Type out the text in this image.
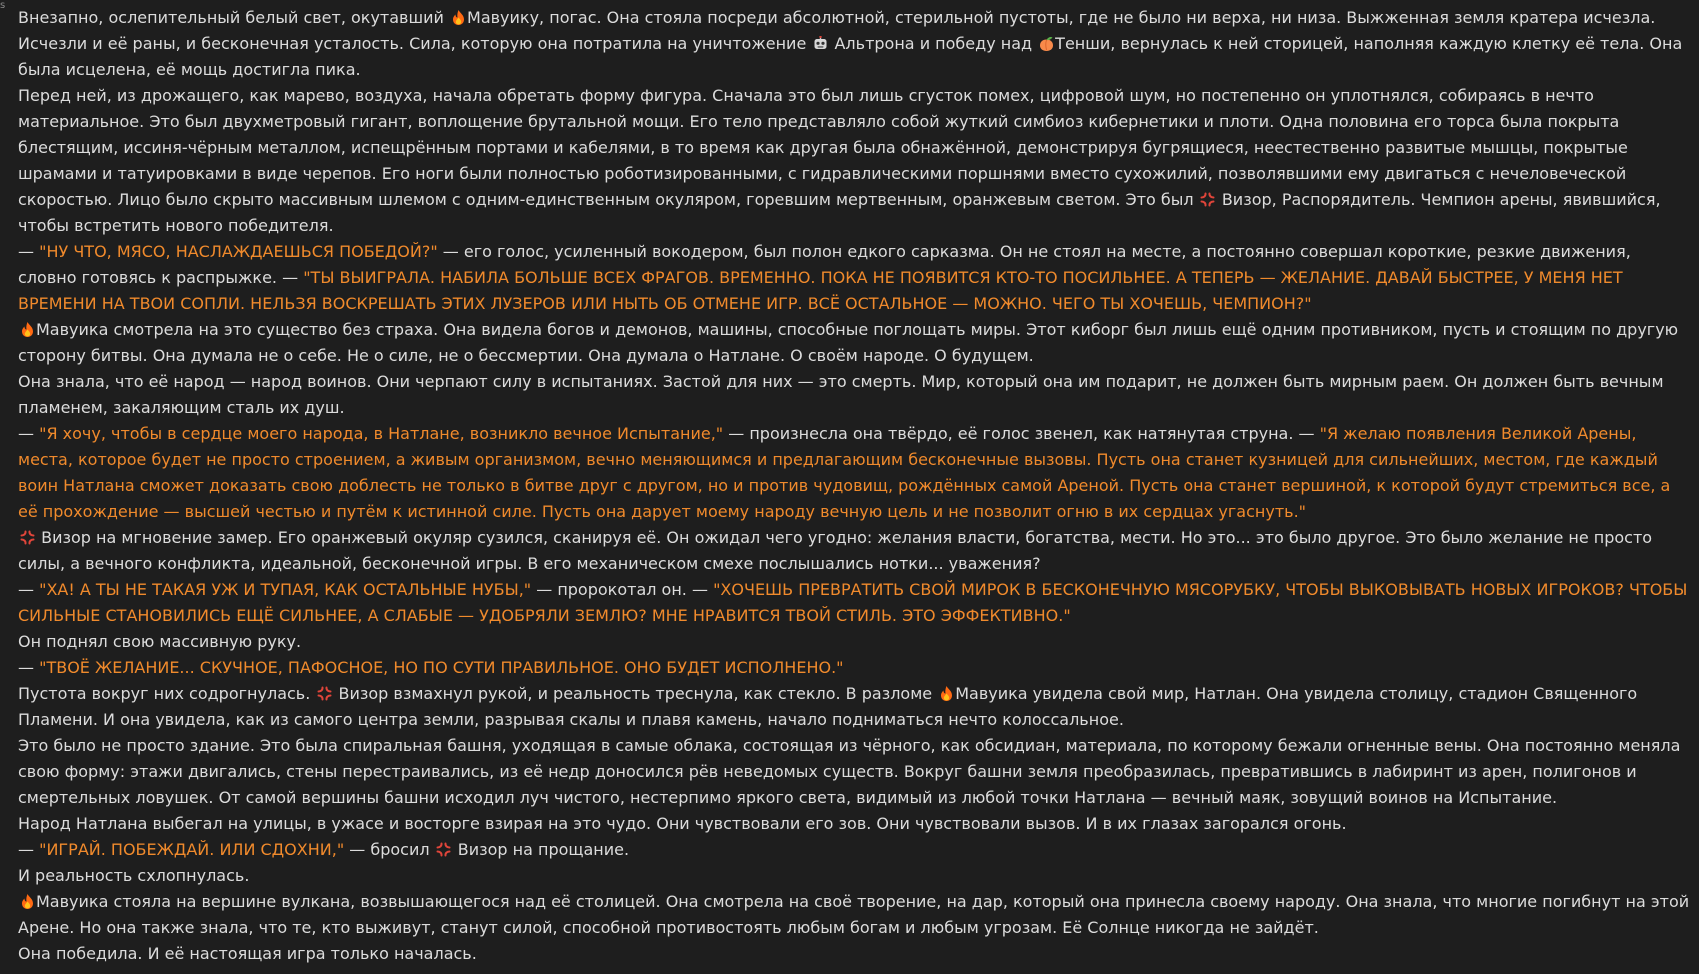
s
Внезапно, ослепительный белый свет, окутавший Мавуику, погас. Она стояла посреди абсолютной, стерильной пустоты, где не было ни верха, ни низа. Выжженная земля кратера исчезла. Исчезли и её раны, и бесконечная усталость. Сила, которую она потратила на уничтожение  Альтрона и победу над Тенши, вернулась к ней сторицей, наполняя каждую клетку её тела. Она была исцелена, её мощь достигла пика.
Перед ней, из дрожащего, как марево, воздуха, начала обретать форму фигура. Сначала это был лишь сгусток помех, цифровой шум, но постепенно он уплотнялся, собираясь в нечто материальное. Это был двухметровый гигант, воплощение брутальной мощи. Его тело представляло собой жуткий симбиоз кибернетики и плоти. Одна половина его торса была покрыта блестящим, иссиня-чёрным металлом, испещрённым портами и кабелями, в то время как другая была обнажённой, демонстрируя бугрящиеся, неестественно развитые мышцы, покрытые шрамами и татуировками в виде черепов. Его ноги были полностью роботизированными, с гидравлическими поршнями вместо сухожилий, позволявшими ему двигаться с нечеловеческой скоростью. Лицо было скрыто массивным шлемом с одним-единственным окуляром, горевшим мертвенным, оранжевым светом. Это был  Визор, Распорядитель. Чемпион арены, явившийся, чтобы встретить нового победителя.
— "НУ ЧТО, МЯСО, НАСЛАЖДАЕШЬСЯ ПОБЕДОЙ?" — его голос, усиленный вокодером, был полон едкого сарказма. Он не стоял на месте, а постоянно совершал короткие, резкие движения, словно готовясь к распрыжке. — "ТЫ ВЫИГРАЛА. НАБИЛА БОЛЬШЕ ВСЕХ ФРАГОВ. ВРЕМЕННО. ПОКА НЕ ПОЯВИТСЯ КТО-ТО ПОСИЛЬНЕЕ. А ТЕПЕРЬ — ЖЕЛАНИЕ. ДАВАЙ БЫСТРЕЕ, У МЕНЯ НЕТ ВРЕМЕНИ НА ТВОИ СОПЛИ. НЕЛЬЗЯ ВОСКРЕШАТЬ ЭТИХ ЛУЗЕРОВ ИЛИ НЫТЬ ОБ ОТМЕНЕ ИГР. ВСЁ ОСТАЛЬНОЕ — МОЖНО. ЧЕГО ТЫ ХОЧЕШЬ, ЧЕМПИОН?"
Мавуика смотрела на это существо без страха. Она видела богов и демонов, машины, способные поглощать миры. Этот киборг был лишь ещё одним противником, пусть и стоящим по другую сторону битвы. Она думала не о себе. Не о силе, не о бессмертии. Она думала о Натлане. О своём народе. О будущем.
Она знала, что её народ — народ воинов. Они черпают силу в испытаниях. Застой для них — это смерть. Мир, который она им подарит, не должен быть мирным раем. Он должен быть вечным пламенем, закаляющим сталь их душ.
— "Я хочу, чтобы в сердце моего народа, в Натлане, возникло вечное Испытание," — произнесла она твёрдо, её голос звенел, как натянутая струна. — "Я желаю появления Великой Арены, места, которое будет не просто строением, а живым организмом, вечно меняющимся и предлагающим бесконечные вызовы. Пусть она станет кузницей для сильнейших, местом, где каждый воин Натлана сможет доказать свою доблесть не только в битве друг с другом, но и против чудовищ, рождённых самой Ареной. Пусть она станет вершиной, к которой будут стремиться все, а её прохождение — высшей честью и путём к истинной силе. Пусть она дарует моему народу вечную цель и не позволит огню в их сердцах угаснуть."
Визор на мгновение замер. Его оранжевый окуляр сузился, сканируя её. Он ожидал чего угодно: желания власти, богатства, мести. Но это... это было другое. Это было желание не просто силы, а вечного конфликта, идеальной, бесконечной игры. В его механическом смехе послышались нотки... уважения?
— "ХА! А ТЫ НЕ ТАКАЯ УЖ И ТУПАЯ, КАК ОСТАЛЬНЫЕ НУБЫ," — пророкотал он. — "ХОЧЕШЬ ПРЕВРАТИТЬ СВОЙ МИРОК В БЕСКОНЕЧНУЮ МЯСОРУБКУ, ЧТОБЫ ВЫКОВЫВАТЬ НОВЫХ ИГРОКОВ? ЧТОБЫ СИЛЬНЫЕ СТАНОВИЛИСЬ ЕЩЁ СИЛЬНЕЕ, А СЛАБЫЕ — УДОБРЯЛИ ЗЕМЛЮ? МНЕ НРАВИТСЯ ТВОЙ СТИЛЬ. ЭТО ЭФФЕКТИВНО."
Он поднял свою массивную руку.
— "ТВОЁ ЖЕЛАНИЕ... СКУЧНОЕ, ПАФОСНОЕ, НО ПО СУТИ ПРАВИЛЬНОЕ. ОНО БУДЕТ ИСПОЛНЕНО."
Пустота вокруг них содрогнулась.  Визор взмахнул рукой, и реальность треснула, как стекло. В разломе Мавуика увидела свой мир, Натлан. Она увидела столицу, стадион Священного Пламени. И она увидела, как из самого центра земли, разрывая скалы и плавя камень, начало подниматься нечто колоссальное.
Это было не просто здание. Это была спиральная башня, уходящая в самые облака, состоящая из чёрного, как обсидиан, материала, по которому бежали огненные вены. Она постоянно меняла свою форму: этажи двигались, стены перестраивались, из её недр доносился рёв неведомых существ. Вокруг башни земля преобразилась, превратившись в лабиринт из арен, полигонов и смертельных ловушек. От самой вершины башни исходил луч чистого, нестерпимо яркого света, видимый из любой точки Натлана — вечный маяк, зовущий воинов на Испытание.
Народ Натлана выбегал на улицы, в ужасе и восторге взирая на это чудо. Они чувствовали его зов. Они чувствовали вызов. И в их глазах загорался огонь.
— "ИГРАЙ. ПОБЕЖДАЙ. ИЛИ СДОХНИ," — бросил  Визор на прощание.
И реальность схлопнулась.
Мавуика стояла на вершине вулкана, возвышающегося над её столицей. Она смотрела на своё творение, на дар, который она принесла своему народу. Она знала, что многие погибнут на этой Арене. Но она также знала, что те, кто выживут, станут силой, способной противостоять любым богам и любым угрозам. Её Солнце никогда не зайдёт.
Она победила. И её настоящая игра только началась.
